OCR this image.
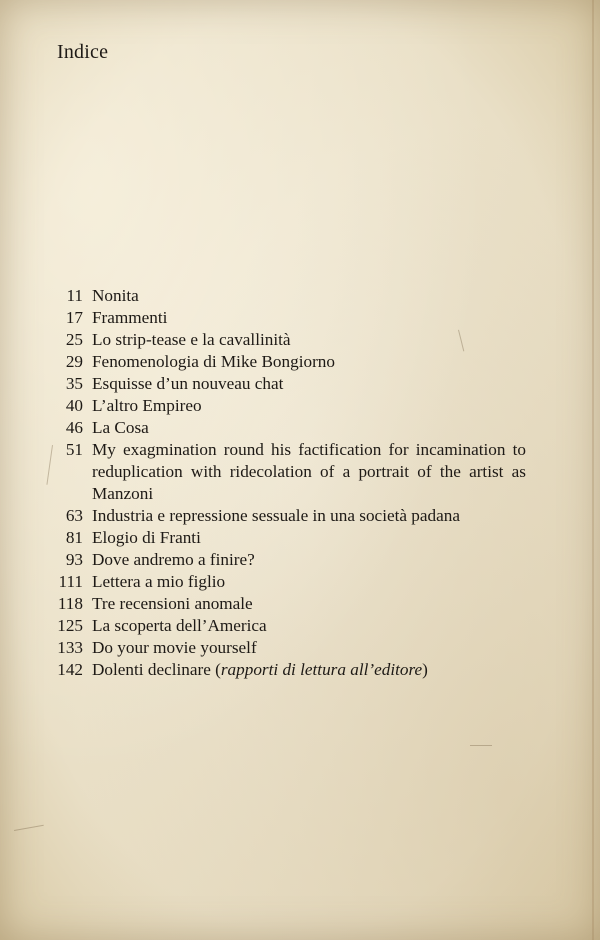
Indice
11 Nonita
17 Frammenti
25 Lo strip-tease e la cavallinità
29 Fenomenologia di Mike Bongiorno
35 Esquisse d’un nouveau chat
40 L’altro Empireo
46 La Cosa
51 My exagmination round his factification for incamination to reduplication with ridecolation of a portrait of the artist as Manzoni
63 Industria e repressione sessuale in una società padana
81 Elogio di Franti
93 Dove andremo a finire?
111 Lettera a mio figlio
118 Tre recensioni anomale
125 La scoperta dell’America
133 Do your movie yourself
142 Dolenti declinare (rapporti di lettura all’editore)
